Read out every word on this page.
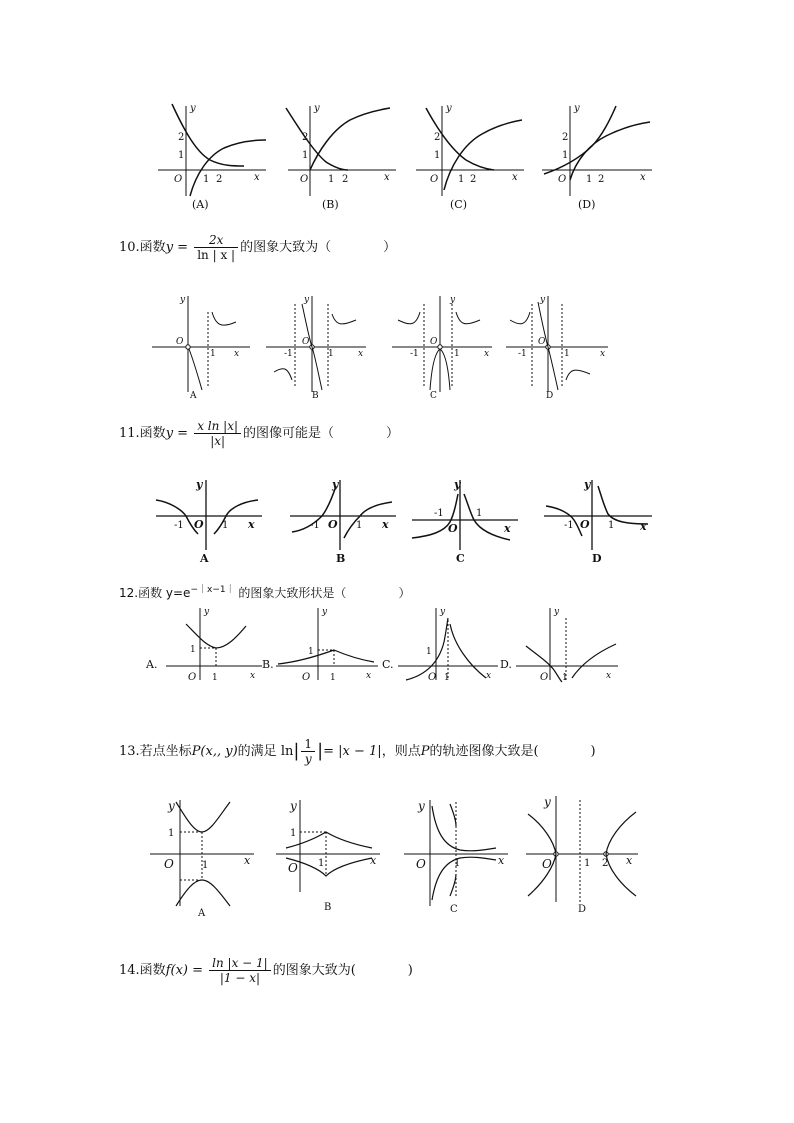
y
x
O 1 2
2
1
(A)
y
x
O 1 2
2
1
(B)
y
x
O 1 2
2
1
(C)
y
x
O 1 2
2
1
(D)
10.函数$y = \frac{2x}{\ln | x |}$ 的图象大致为（	）
y
x
O
1
A
y
x
O
-1	1
B
y
x
O
-1	1
C
y
x
O
-1	1
D
11.函数$y = \frac{\text{x ln |x|}}{|x|}$ 的图像可能是（	）
y
x
O
-1	1
A
y
x
O
-1	1
B
y
x
O
-1	1
C
y
x
O
-1	1
D
12.函数 $y=e^{-|x-1|}$ 的图象大致形状是（	）
A.
y
x
O
1
1
B.
y
x
O
1
1
C.
y
x
O
1
1
D.
y
x
O 1
13.若点坐标P(x,, y)的满足 $\ln| \frac{1}{y}$ |= |x − 1|，则点P的轨迹图像大致是(	)
y
x
O
1
1
A
y
x
O
1
1
B
y
x
O	1
C
y
x
O	1 2
D
14.函数$f(x) = \frac{\ln |x - 1|}{|1 - x|}$ 的图象大致为(	)
